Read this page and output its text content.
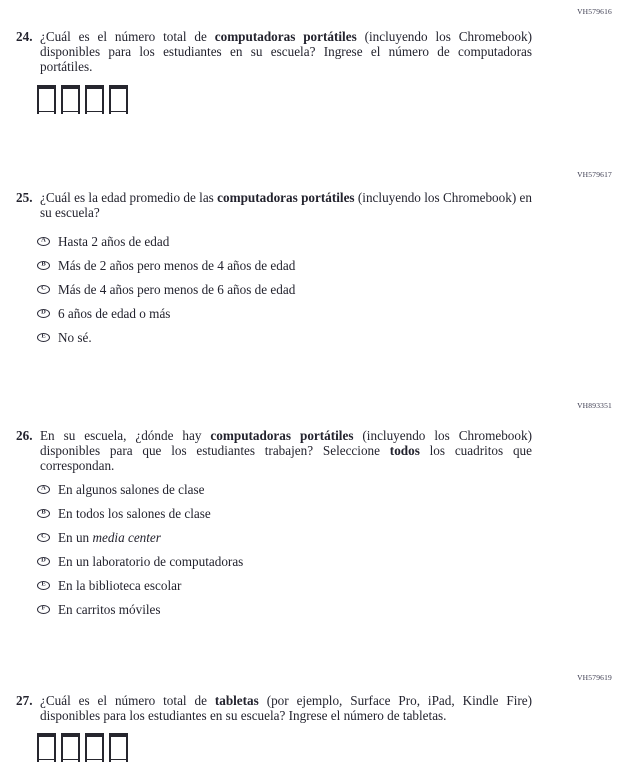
VH579616
24. ¿Cuál es el número total de computadoras portátiles (incluyendo los Chromebook) disponibles para los estudiantes en su escuela? Ingrese el número de computadoras portátiles.
VH579617
25. ¿Cuál es la edad promedio de las computadoras portátiles (incluyendo los Chromebook) en su escuela?
A Hasta 2 años de edad
B Más de 2 años pero menos de 4 años de edad
C Más de 4 años pero menos de 6 años de edad
D 6 años de edad o más
E No sé.
VH893351
26. En su escuela, ¿dónde hay computadoras portátiles (incluyendo los Chromebook) disponibles para que los estudiantes trabajen? Seleccione todos los cuadritos que correspondan.
A En algunos salones de clase
B En todos los salones de clase
C En un media center
D En un laboratorio de computadoras
E En la biblioteca escolar
F En carritos móviles
VH579619
27. ¿Cuál es el número total de tabletas (por ejemplo, Surface Pro, iPad, Kindle Fire) disponibles para los estudiantes en su escuela? Ingrese el número de tabletas.
